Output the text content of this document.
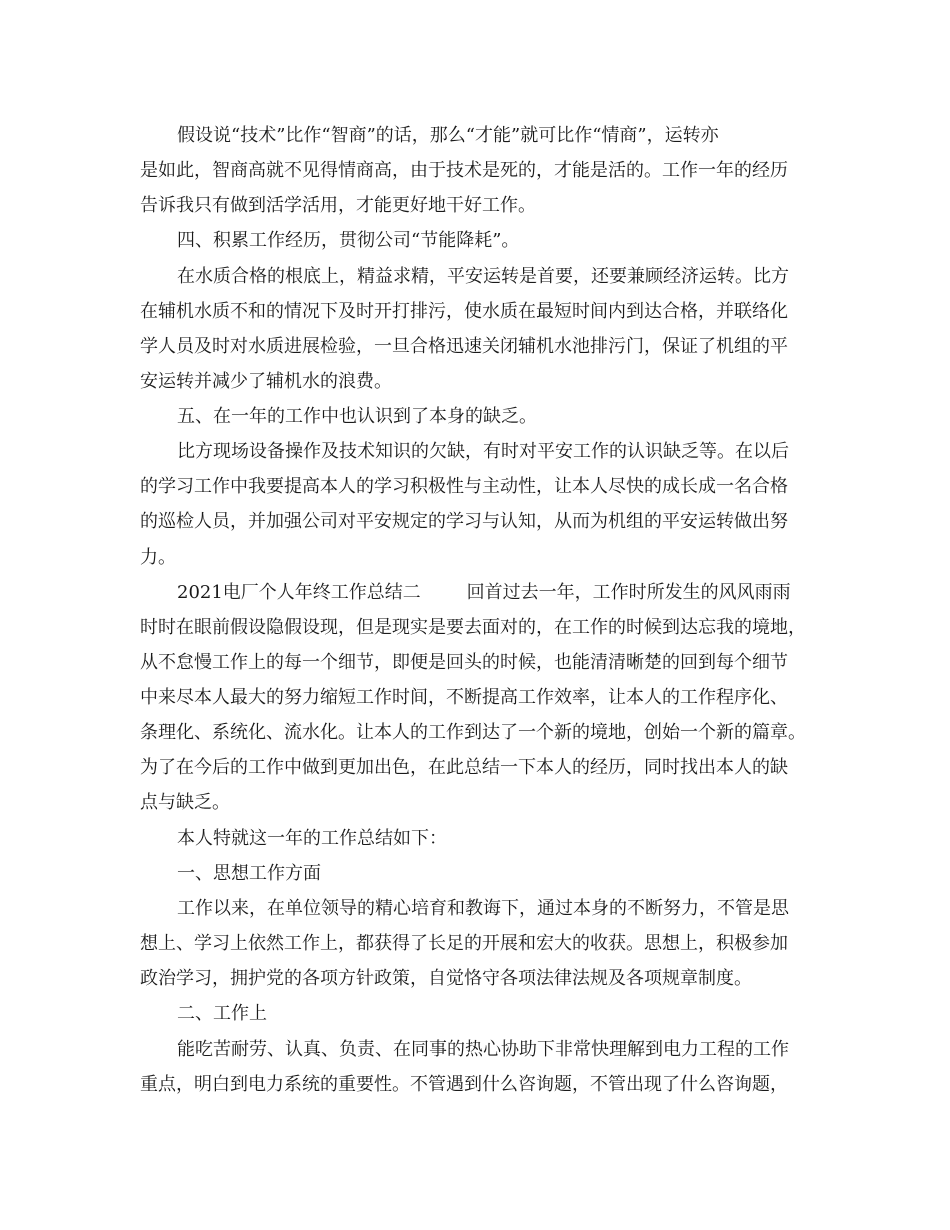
假设说“技术”比作“智商”的话，那么“才能”就可比作“情商”，运转亦
是如此，智商高就不见得情商高，由于技术是死的，才能是活的。工作一年的经历
告诉我只有做到活学活用，才能更好地干好工作。
四、积累工作经历，贯彻公司“节能降耗”。
在水质合格的根底上，精益求精，平安运转是首要，还要兼顾经济运转。比方
在辅机水质不和的情况下及时开打排污，使水质在最短时间内到达合格，并联络化
学人员及时对水质进展检验，一旦合格迅速关闭辅机水池排污门，保证了机组的平
安运转并减少了辅机水的浪费。
五、在一年的工作中也认识到了本身的缺乏。
比方现场设备操作及技术知识的欠缺，有时对平安工作的认识缺乏等。在以后
的学习工作中我要提高本人的学习积极性与主动性，让本人尽快的成长成一名合格
的巡检人员，并加强公司对平安规定的学习与认知，从而为机组的平安运转做出努
力。
2021电厂个人年终工作总结二        回首过去一年，工作时所发生的风风雨雨
时时在眼前假设隐假设现，但是现实是要去面对的，在工作的时候到达忘我的境地，
从不怠慢工作上的每一个细节，即便是回头的时候，也能清清晰楚的回到每个细节
中来尽本人最大的努力缩短工作时间，不断提高工作效率，让本人的工作程序化、
条理化、系统化、流水化。让本人的工作到达了一个新的境地，创始一个新的篇章。
为了在今后的工作中做到更加出色，在此总结一下本人的经历，同时找出本人的缺
点与缺乏。
本人特就这一年的工作总结如下：
一、思想工作方面
工作以来，在单位领导的精心培育和教诲下，通过本身的不断努力，不管是思
想上、学习上依然工作上，都获得了长足的开展和宏大的收获。思想上，积极参加
政治学习，拥护党的各项方针政策，自觉恪守各项法律法规及各项规章制度。
二、工作上
能吃苦耐劳、认真、负责、在同事的热心协助下非常快理解到电力工程的工作
重点，明白到电力系统的重要性。不管遇到什么咨询题，不管出现了什么咨询题，
